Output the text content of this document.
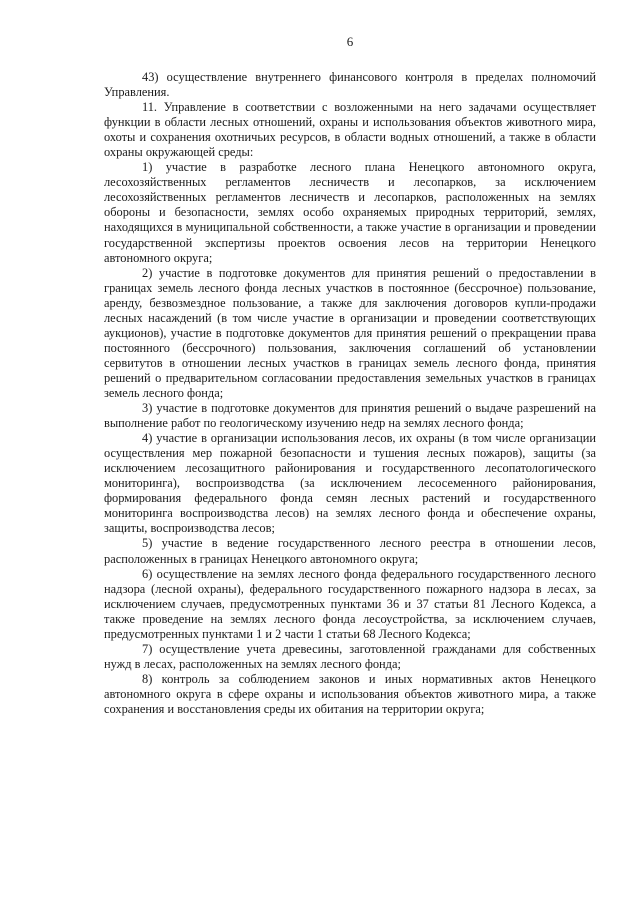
6

43) осуществление внутреннего финансового контроля в пределах полномочий Управления.

11. Управление в соответствии с возложенными на него задачами осуществляет функции в области лесных отношений, охраны и использования объектов животного мира, охоты и сохранения охотничьих ресурсов, в области водных отношений, а также в области охраны окружающей среды:

1) участие в разработке лесного плана Ненецкого автономного округа, лесохозяйственных регламентов лесничеств и лесопарков, за исключением лесохозяйственных регламентов лесничеств и лесопарков, расположенных на землях обороны и безопасности, землях особо охраняемых природных территорий, землях, находящихся в муниципальной собственности, а также участие в организации и проведении государственной экспертизы проектов освоения лесов на территории Ненецкого автономного округа;

2) участие в подготовке документов для принятия решений о предоставлении в границах земель лесного фонда лесных участков в постоянное (бессрочное) пользование, аренду, безвозмездное пользование, а также для заключения договоров купли-продажи лесных насаждений (в том числе участие в организации и проведении соответствующих аукционов), участие в подготовке документов для принятия решений о прекращении права постоянного (бессрочного) пользования, заключения соглашений об установлении сервитутов в отношении лесных участков в границах земель лесного фонда, принятия решений о предварительном согласовании предоставления земельных участков в границах земель лесного фонда;

3) участие в подготовке документов для принятия решений о выдаче разрешений на выполнение работ по геологическому изучению недр на землях лесного фонда;

4) участие в организации использования лесов, их охраны (в том числе организации осуществления мер пожарной безопасности и тушения лесных пожаров), защиты (за исключением лесозащитного районирования и государственного лесопатологического мониторинга), воспроизводства (за исключением лесосеменного районирования, формирования федерального фонда семян лесных растений и государственного мониторинга воспроизводства лесов) на землях лесного фонда и обеспечение охраны, защиты, воспроизводства лесов;

5) участие в ведение государственного лесного реестра в отношении лесов, расположенных в границах Ненецкого автономного округа;

6) осуществление на землях лесного фонда федерального государственного лесного надзора (лесной охраны), федерального государственного пожарного надзора в лесах, за исключением случаев, предусмотренных пунктами 36 и 37 статьи 81 Лесного Кодекса, а также проведение на землях лесного фонда лесоустройства, за исключением случаев, предусмотренных пунктами 1 и 2 части 1 статьи 68 Лесного Кодекса;

7) осуществление учета древесины, заготовленной гражданами для собственных нужд в лесах, расположенных на землях лесного фонда;

8) контроль за соблюдением законов и иных нормативных актов Ненецкого автономного округа в сфере охраны и использования объектов животного мира, а также сохранения и восстановления среды их обитания на территории округа;
